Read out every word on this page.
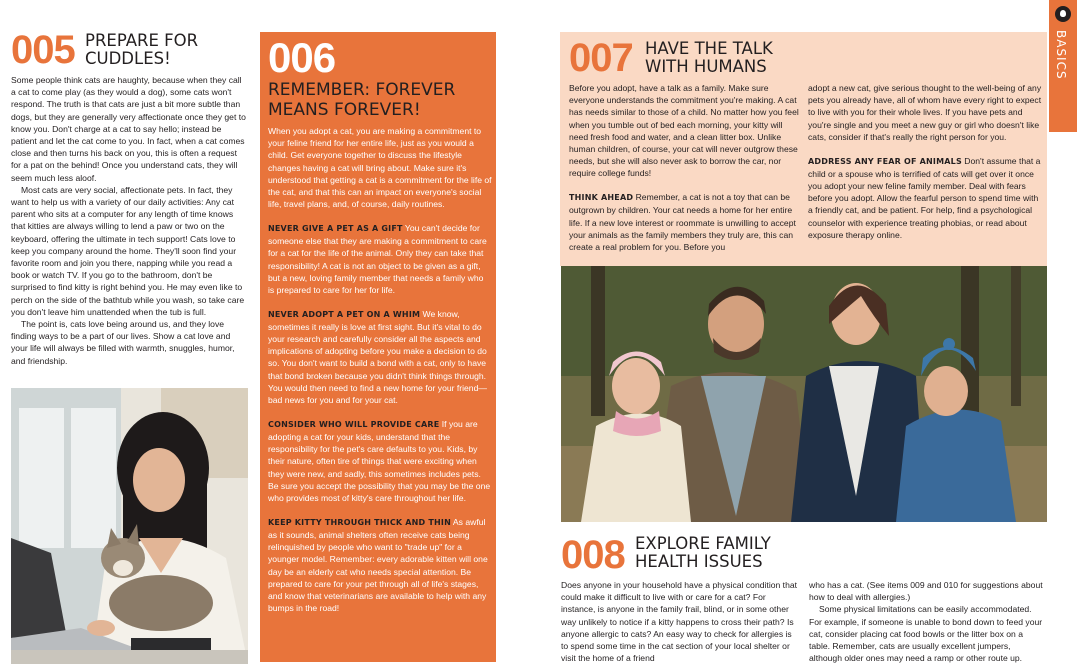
005 PREPARE FOR CUDDLES!

Some people think cats are haughty, because when they call a cat to come play (as they would a dog), some cats won't respond. The truth is that cats are just a bit more subtle than dogs, but they are generally very affectionate once they get to know you. Don't charge at a cat to say hello; instead be patient and let the cat come to you. In fact, when a cat comes close and then turns his back on you, this is often a request for a pat on the behind! Once you understand cats, they will seem much less aloof.

Most cats are very social, affectionate pets. In fact, they want to help us with a variety of our daily activities: Any cat parent who sits at a computer for any length of time knows that kitties are always willing to lend a paw or two on the keyboard, offering the ultimate in tech support! Cats love to keep you company around the home. They'll soon find your favorite room and join you there, napping while you read a book or watch TV. If you go to the bathroom, don't be surprised to find kitty is right behind you. He may even like to perch on the side of the bathtub while you wash, so take care you don't leave him unattended when the tub is full.

The point is, cats love being around us, and they love finding ways to be a part of our lives. Show a cat love and your life will always be filled with warmth, snuggles, humor, and friendship.

006
REMEMBER: FOREVER MEANS FOREVER!

When you adopt a cat, you are making a commitment to your feline friend for her entire life, just as you would a child. Get everyone together to discuss the lifestyle changes having a cat will bring about. Make sure it's understood that getting a cat is a commitment for the life of the cat, and that this can an impact on everyone's social life, travel plans, and, of course, daily routines.

NEVER GIVE A PET AS A GIFT You can't decide for someone else that they are making a commitment to care for a cat for the life of the animal. Only they can take that responsibility! A cat is not an object to be given as a gift, but a new, loving family member that needs a family who is prepared to care for her for life.

NEVER ADOPT A PET ON A WHIM We know, sometimes it really is love at first sight. But it's vital to do your research and carefully consider all the aspects and implications of adopting before you make a decision to do so. You don't want to build a bond with a cat, only to have that bond broken because you didn't think things through. You would then need to find a new home for your friend—bad news for you and for your cat.

CONSIDER WHO WILL PROVIDE CARE If you are adopting a cat for your kids, understand that the responsibility for the pet's care defaults to you. Kids, by their nature, often tire of things that were exciting when they were new, and sadly, this sometimes includes pets. Be sure you accept the possibility that you may be the one who provides most of kitty's care throughout her life.

KEEP KITTY THROUGH THICK AND THIN As awful as it sounds, animal shelters often receive cats being relinquished by people who want to "trade up" for a younger model. Remember: every adorable kitten will one day be an elderly cat who needs special attention. Be prepared to care for your pet through all of life's stages, and know that veterinarians are available to help with any bumps in the road!

007 HAVE THE TALK WITH HUMANS

Before you adopt, have a talk as a family. Make sure everyone understands the commitment you're making. A cat has needs similar to those of a child. No matter how you feel when you tumble out of bed each morning, your kitty will need fresh food and water, and a clean litter box. Unlike human children, of course, your cat will never outgrow these needs, but she will also never ask to borrow the car, nor require college funds!

THINK AHEAD Remember, a cat is not a toy that can be outgrown by children. Your cat needs a home for her entire life. If a new love interest or roommate is unwilling to accept your animals as the family members they truly are, this can create a real problem for you. Before you

adopt a new cat, give serious thought to the well-being of any pets you already have, all of whom have every right to expect to live with you for their whole lives. If you have pets and you're single and you meet a new guy or girl who doesn't like cats, consider if that's really the right person for you.

ADDRESS ANY FEAR OF ANIMALS Don't assume that a child or a spouse who is terrified of cats will get over it once you adopt your new feline family member. Deal with fears before you adopt. Allow the fearful person to spend time with a friendly cat, and be patient. For help, find a psychological counselor with experience treating phobias, or read about exposure therapy online.

008 EXPLORE FAMILY HEALTH ISSUES

Does anyone in your household have a physical condition that could make it difficult to live with or care for a cat? For instance, is anyone in the family frail, blind, or in some other way unlikely to notice if a kitty happens to cross their path? Is anyone allergic to cats? An easy way to check for allergies is to spend some time in the cat section of your local shelter or visit the home of a friend

who has a cat. (See items 009 and 010 for suggestions about how to deal with allergies.)

Some physical limitations can be easily accommodated. For example, if someone is unable to bond down to feed your cat, consider placing cat food bowls or the litter box on a table. Remember, cats are usually excellent jumpers, although older ones may need a ramp or other route up.

BASICS
